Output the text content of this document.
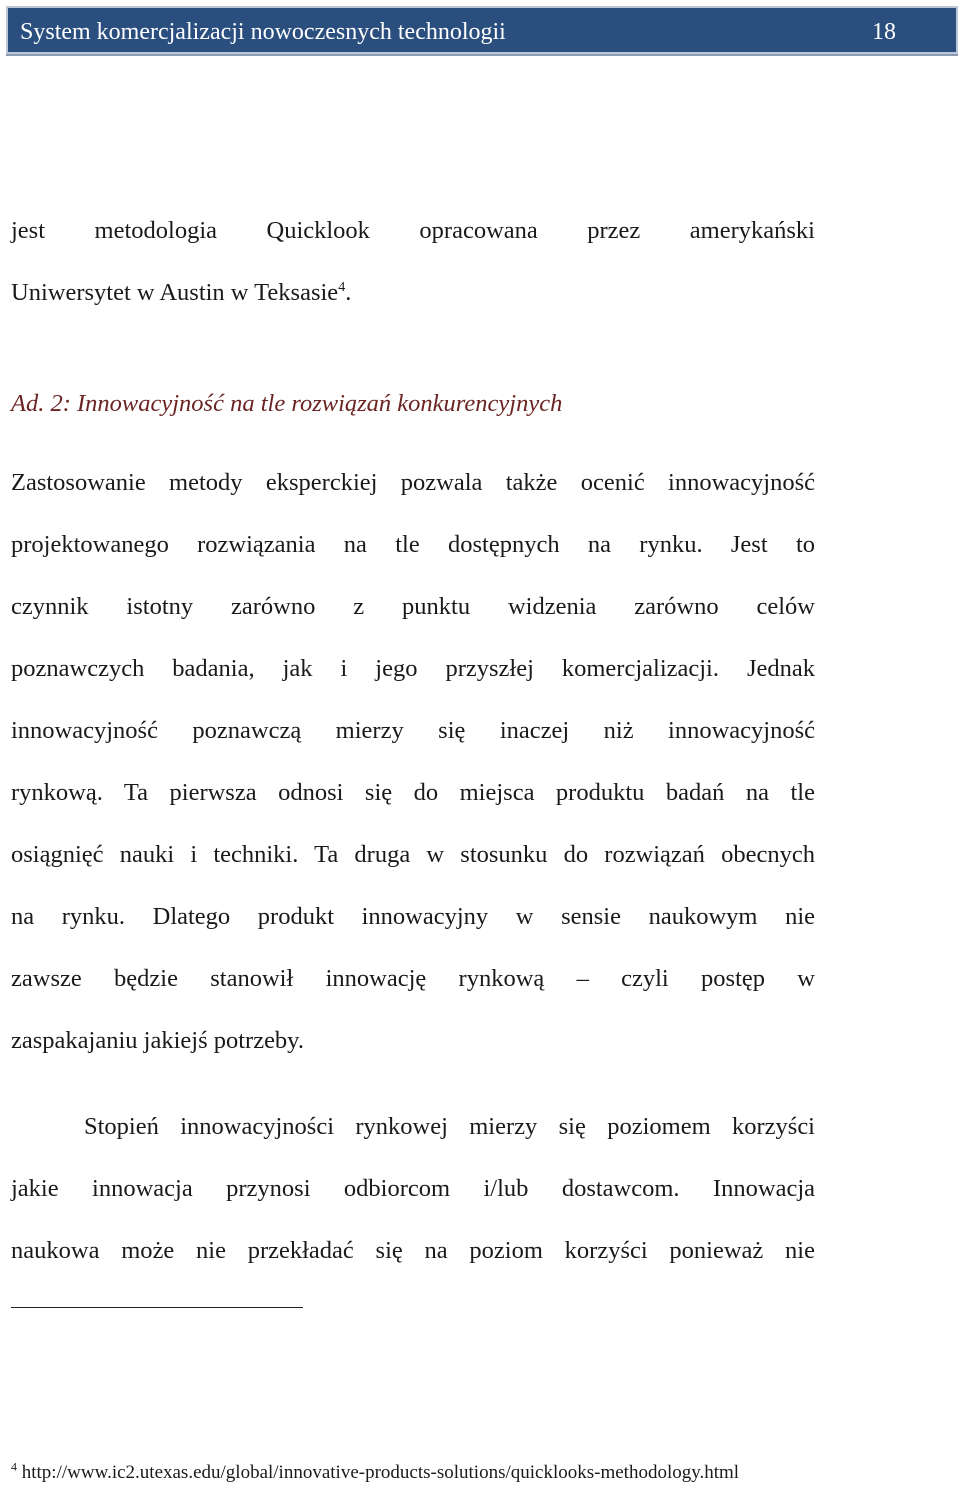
System komercjalizacji nowoczesnych technologii	18
jest metodologia Quicklook opracowana przez amerykański
Uniwersytet w Austin w Teksasie$^4$.
Ad. 2: Innowacyjność na tle rozwiązań konkurencyjnych
Zastosowanie metody eksperckiej pozwala także ocenić innowacyjność
projektowanego rozwiązania na tle dostępnych na rynku. Jest to
czynnik istotny zarówno z punktu widzenia zarówno celów
poznawczych badania, jak i jego przyszłej komercjalizacji. Jednak
innowacyjność poznawczą mierzy się inaczej niż innowacyjność
rynkową. Ta pierwsza odnosi się do miejsca produktu badań na tle
osiągnięć nauki i techniki. Ta druga w stosunku do rozwiązań obecnych
na rynku. Dlatego produkt innowacyjny w sensie naukowym nie
zawsze będzie stanowił innowację rynkową – czyli postęp w
zaspakajaniu jakiejś potrzeby.
Stopień innowacyjności rynkowej mierzy się poziomem korzyści
jakie innowacja przynosi odbiorcom i/lub dostawcom. Innowacja
naukowa może nie przekładać się na poziom korzyści ponieważ nie
$^4$ http://www.ic2.utexas.edu/global/innovative-products-solutions/quicklooks-methodology.html
